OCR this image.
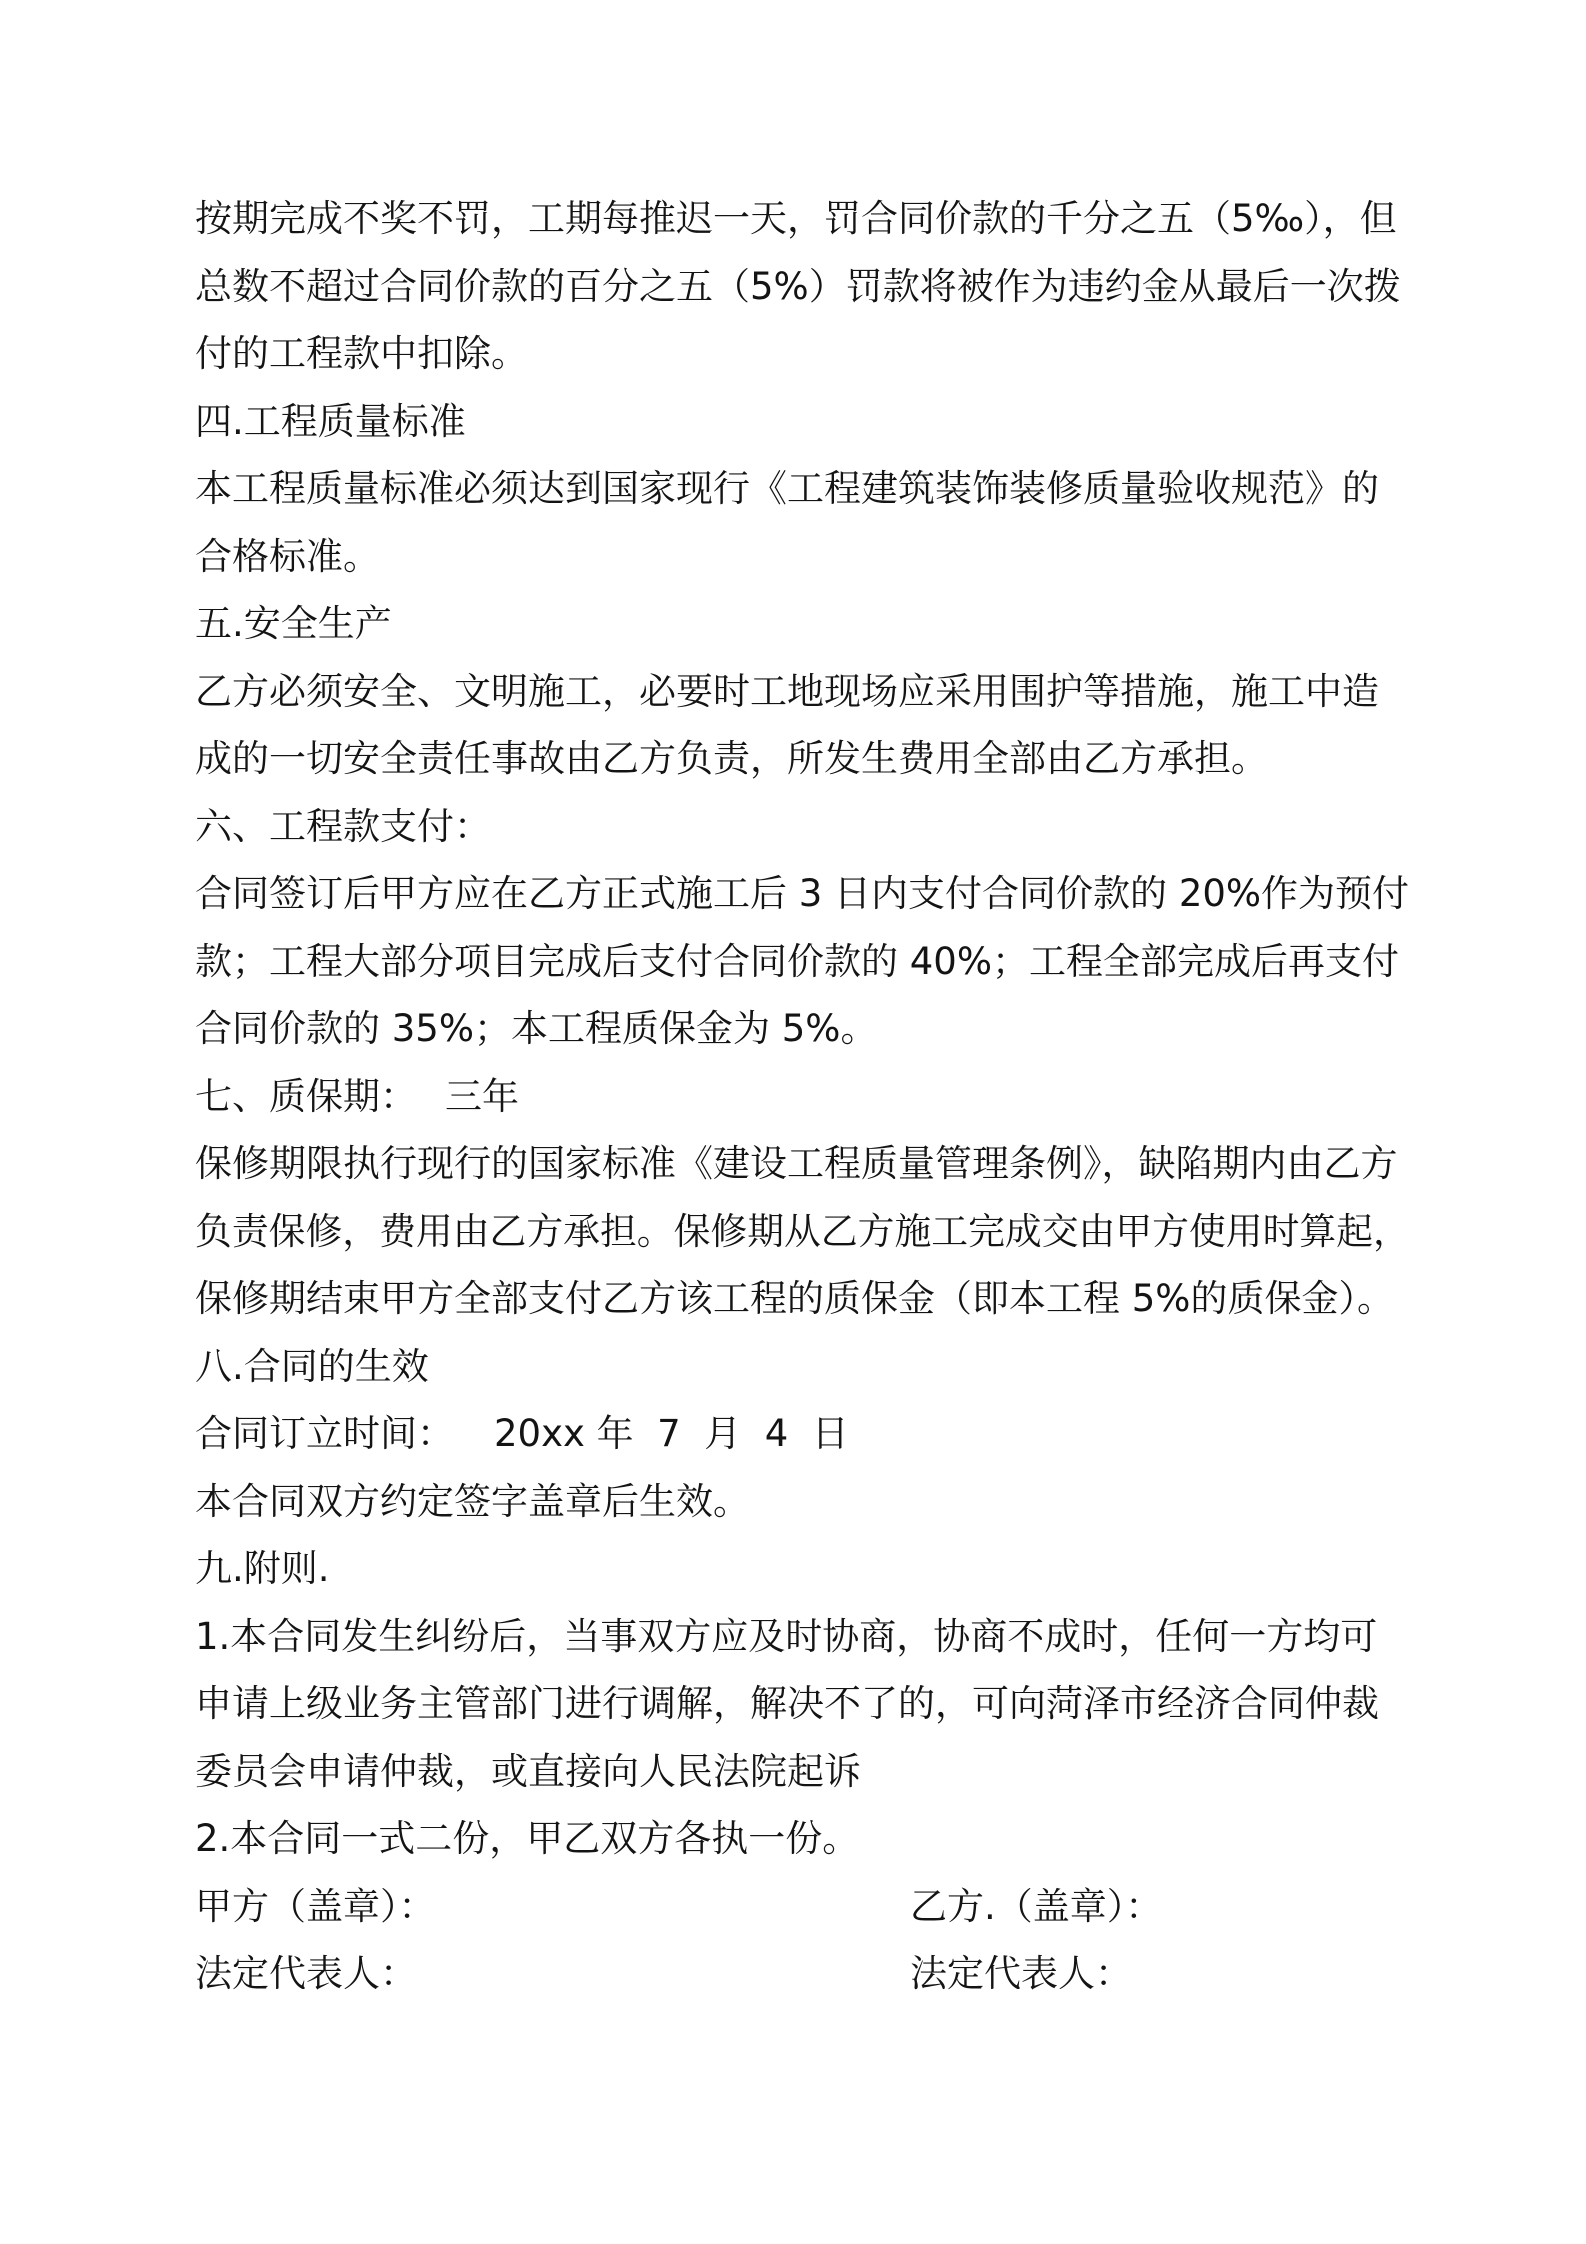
按期完成不奖不罚，工期每推迟一天，罚合同价款的千分之五（5‰），但
总数不超过合同价款的百分之五（5%）罚款将被作为违约金从最后一次拨
付的工程款中扣除。
四.工程质量标准
本工程质量标准必须达到国家现行《工程建筑装饰装修质量验收规范》的
合格标准。
五.安全生产
乙方必须安全、文明施工，必要时工地现场应采用围护等措施，施工中造
成的一切安全责任事故由乙方负责，所发生费用全部由乙方承担。
六、工程款支付：
合同签订后甲方应在乙方正式施工后 3 日内支付合同价款的 20%作为预付
款；工程大部分项目完成后支付合同价款的 40%；工程全部完成后再支付
合同价款的 35%；本工程质保金为 5%。
七、质保期： 三年
保修期限执行现行的国家标准《建设工程质量管理条例》，缺陷期内由乙方
负责保修，费用由乙方承担。保修期从乙方施工完成交由甲方使用时算起，
保修期结束甲方全部支付乙方该工程的质保金（即本工程 5%的质保金）。
八.合同的生效
合同订立时间： 20xx 年  7  月  4  日
本合同双方约定签字盖章后生效。
九.附则.
1.本合同发生纠纷后，当事双方应及时协商，协商不成时，任何一方均可
申请上级业务主管部门进行调解，解决不了的，可向菏泽市经济合同仲裁
委员会申请仲裁，或直接向人民法院起诉
2.本合同一式二份，甲乙双方各执一份。
甲方（盖章）：	乙方.（盖章）：
法定代表人：	法定代表人：
